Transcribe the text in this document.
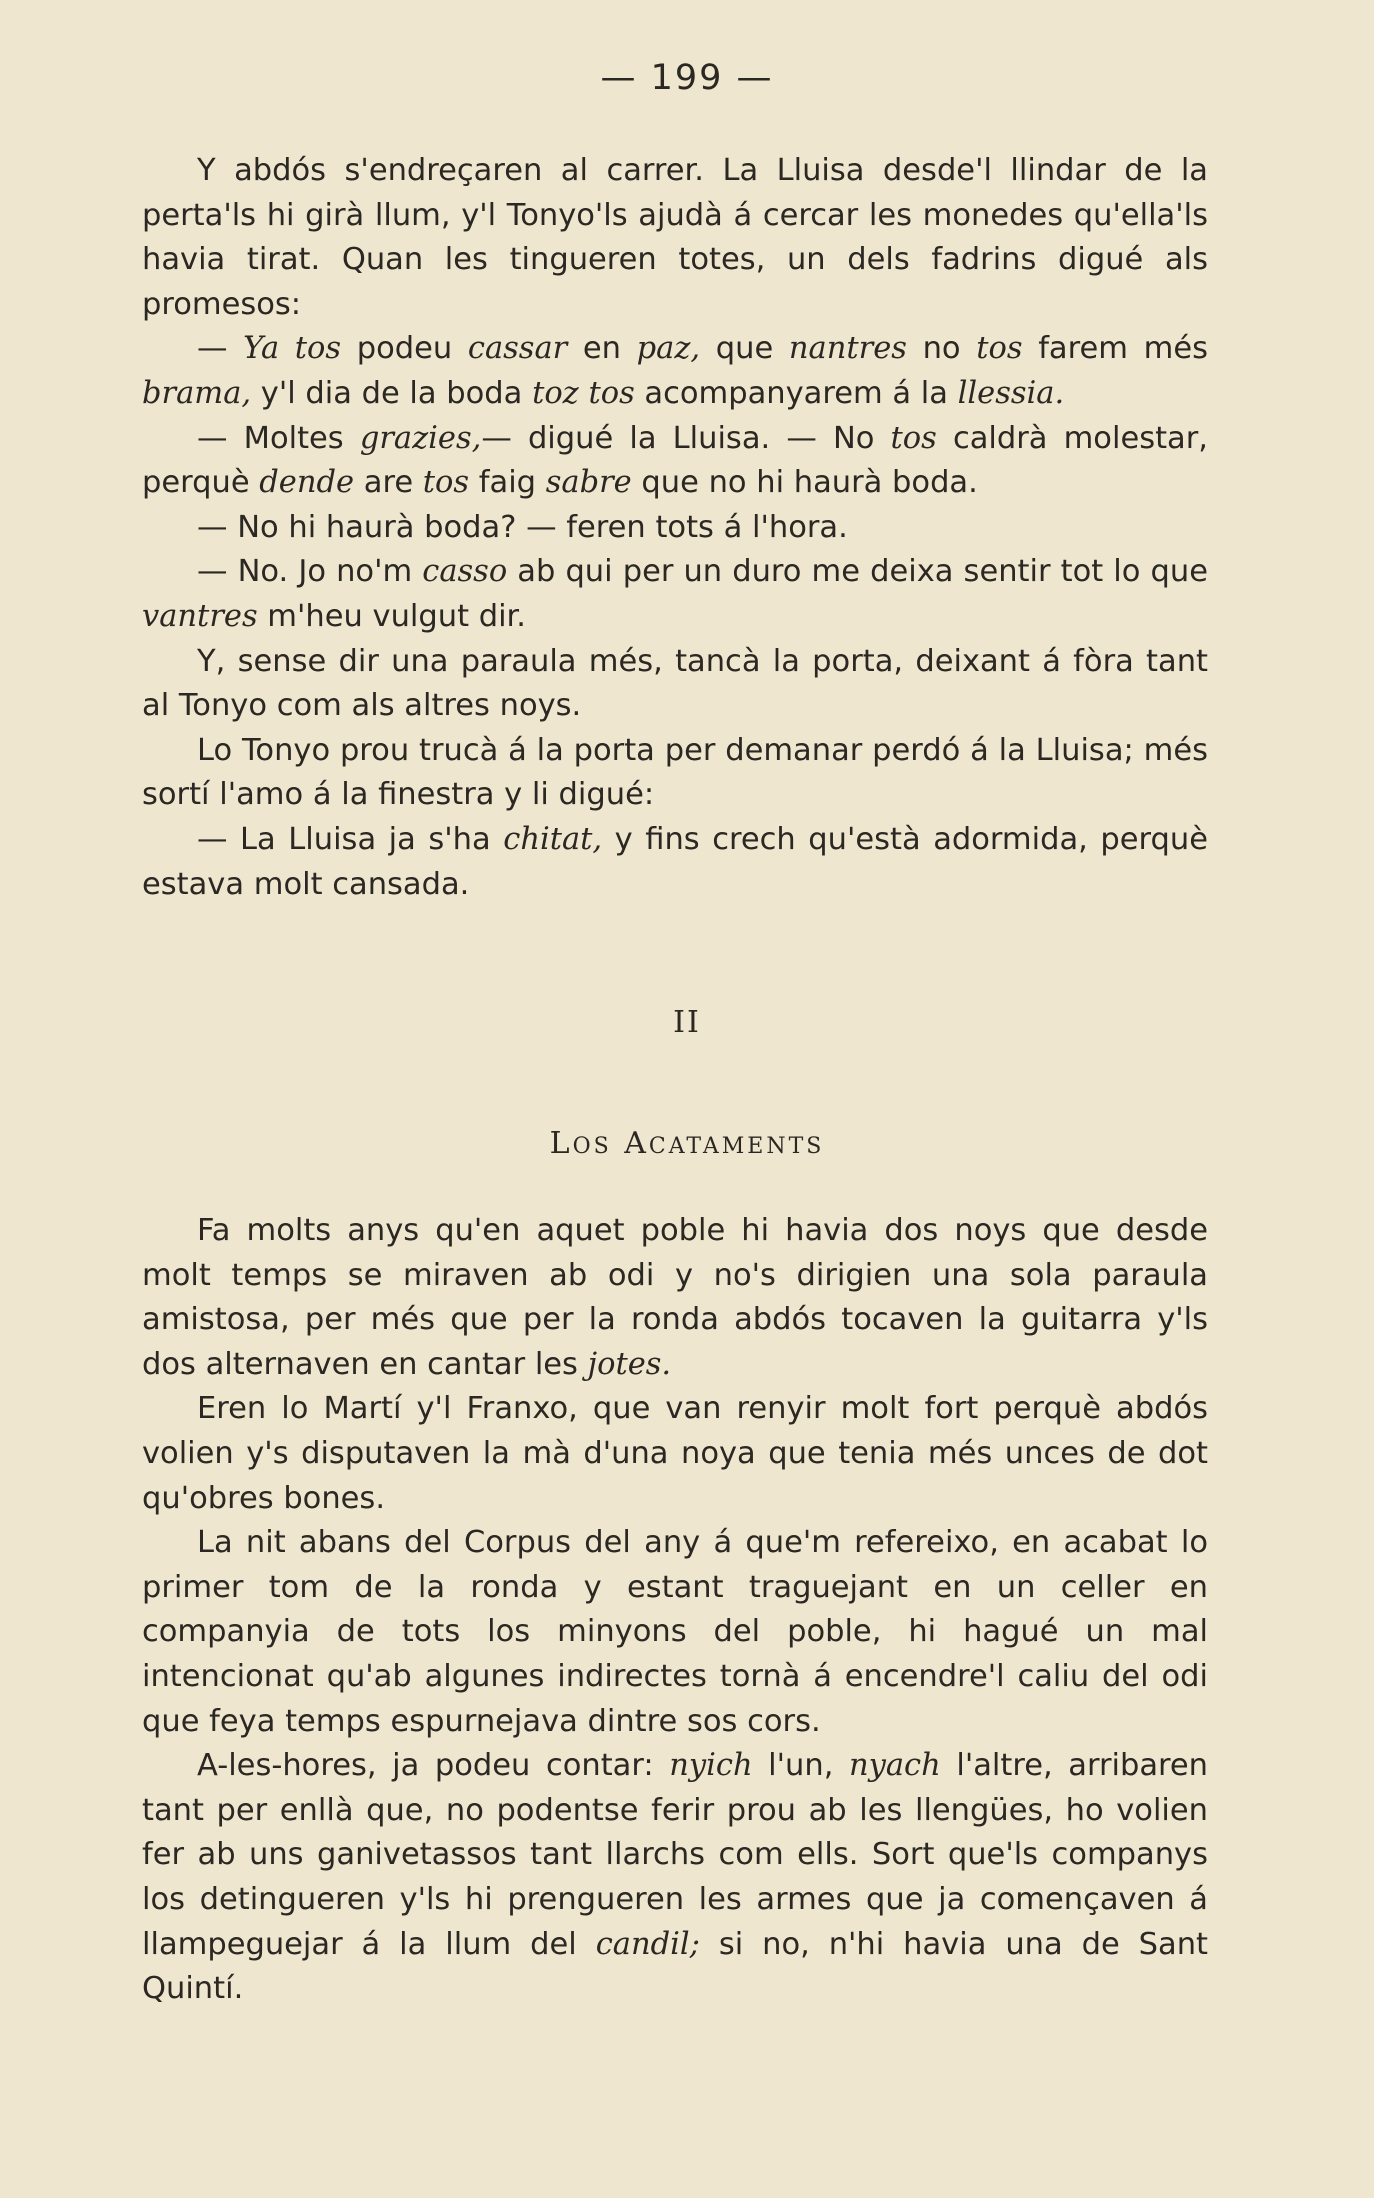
— 199 —

Y abdós s'endreçaren al carrer. La Lluisa desde'l llindar de la perta'ls hi girà llum, y'l Tonyo'ls ajudà á cercar les monedes qu'ella'ls havia tirat. Quan les tingueren totes, un dels fadrins digué als promesos:

— Ya tos podeu cassar en paz, que nantres no tos farem més brama, y'l dia de la boda toz tos acompanyarem á la llessia.

— Moltes grazies,— digué la Lluisa. — No tos caldrà molestar, perquè dende are tos faig sabre que no hi haurà boda.

— No hi haurà boda? — feren tots á l'hora.

— No. Jo no'm casso ab qui per un duro me deixa sentir tot lo que vantres m'heu vulgut dir.

Y, sense dir una paraula més, tancà la porta, deixant á fòra tant al Tonyo com als altres noys.

Lo Tonyo prou trucà á la porta per demanar perdó á la Lluisa; més sortí l'amo á la finestra y li digué:

— La Lluisa ja s'ha chitat, y fins crech qu'està adormida, perquè estava molt cansada.

II
LOS ACATAMENTS

Fa molts anys qu'en aquet poble hi havia dos noys que desde molt temps se miraven ab odi y no's dirigien una sola paraula amistosa, per més que per la ronda abdós tocaven la guitarra y'ls dos alternaven en cantar les jotes.

Eren lo Martí y'l Franxo, que van renyir molt fort perquè abdós volien y's disputaven la mà d'una noya que tenia més unces de dot qu'obres bones.

La nit abans del Corpus del any á que'm refereixo, en acabat lo primer tom de la ronda y estant traguejant en un celler en companyia de tots los minyons del poble, hi hagué un mal intencionat qu'ab algunes indirectes tornà á encendre'l caliu del odi que feya temps espurnejava dintre sos cors.

A-les-hores, ja podeu contar: nyich l'un, nyach l'altre, arribaren tant per enllà que, no podentse ferir prou ab les llengües, ho volien fer ab uns ganivetassos tant llarchs com ells. Sort que'ls companys los detingueren y'ls hi prengueren les armes que ja començaven á llampeguejar á la llum del candil; si no, n'hi havia una de Sant Quintí.
